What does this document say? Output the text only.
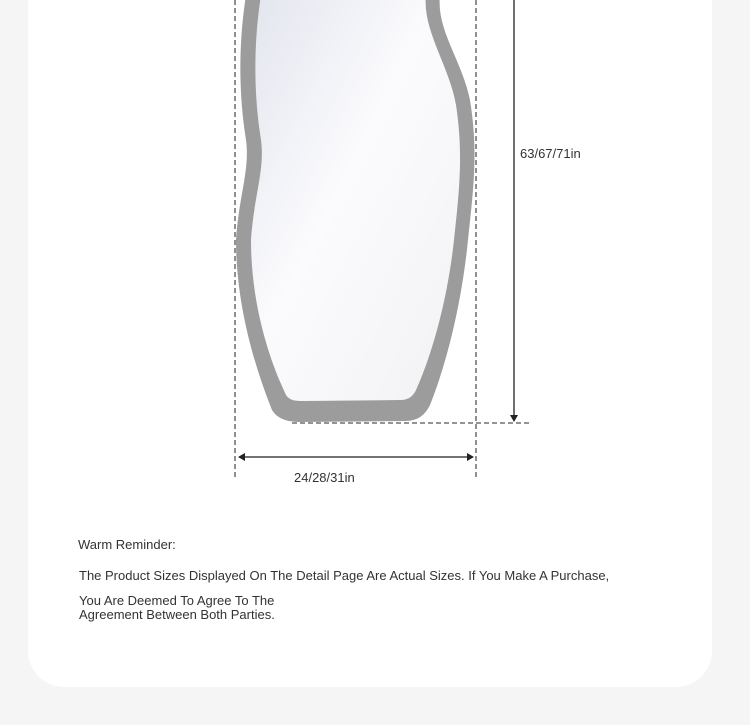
63/67/71in
24/28/31in
Warm Reminder:
The Product Sizes Displayed On The Detail Page Are Actual Sizes. If You Make A Purchase,
You Are Deemed To Agree To The
Agreement Between Both Parties.
